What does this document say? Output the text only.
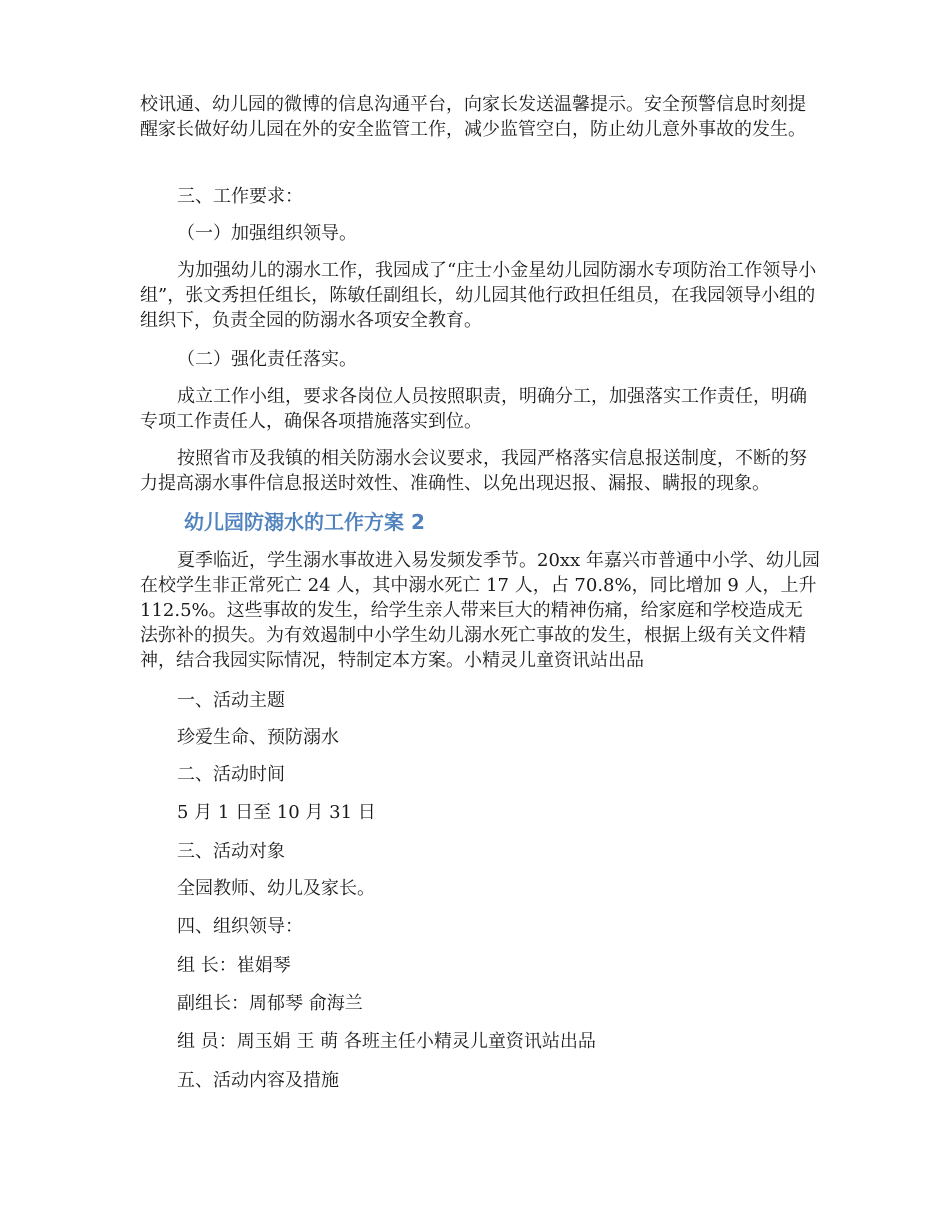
校讯通、幼儿园的微博的信息沟通平台，向家长发送温馨提示。安全预警信息时刻提醒家长做好幼儿园在外的安全监管工作，减少监管空白，防止幼儿意外事故的发生。

三、工作要求：
（一）加强组织领导。

为加强幼儿的溺水工作，我园成了“庄士小金星幼儿园防溺水专项防治工作领导小组”，张文秀担任组长，陈敏任副组长，幼儿园其他行政担任组员，在我园领导小组的组织下，负责全园的防溺水各项安全教育。

（二）强化责任落实。

成立工作小组，要求各岗位人员按照职责，明确分工，加强落实工作责任，明确专项工作责任人，确保各项措施落实到位。

按照省市及我镇的相关防溺水会议要求，我园严格落实信息报送制度，不断的努力提高溺水事件信息报送时效性、准确性、以免出现迟报、漏报、瞒报的现象。

幼儿园防溺水的工作方案 2

夏季临近，学生溺水事故进入易发频发季节。20xx 年嘉兴市普通中小学、幼儿园在校学生非正常死亡 24 人，其中溺水死亡 17 人，占 70.8%，同比增加 9 人，上升 112.5%。这些事故的发生，给学生亲人带来巨大的精神伤痛，给家庭和学校造成无法弥补的损失。为有效遏制中小学生幼儿溺水死亡事故的发生，根据上级有关文件精神，结合我园实际情况，特制定本方案。小精灵儿童资讯站出品

一、活动主题
珍爱生命、预防溺水
二、活动时间
5 月 1 日至 10 月 31 日
三、活动对象
全园教师、幼儿及家长。
四、组织领导：
组 长：崔娟琴
副组长：周郁琴 俞海兰
组 员：周玉娟 王 萌 各班主任小精灵儿童资讯站出品
五、活动内容及措施
